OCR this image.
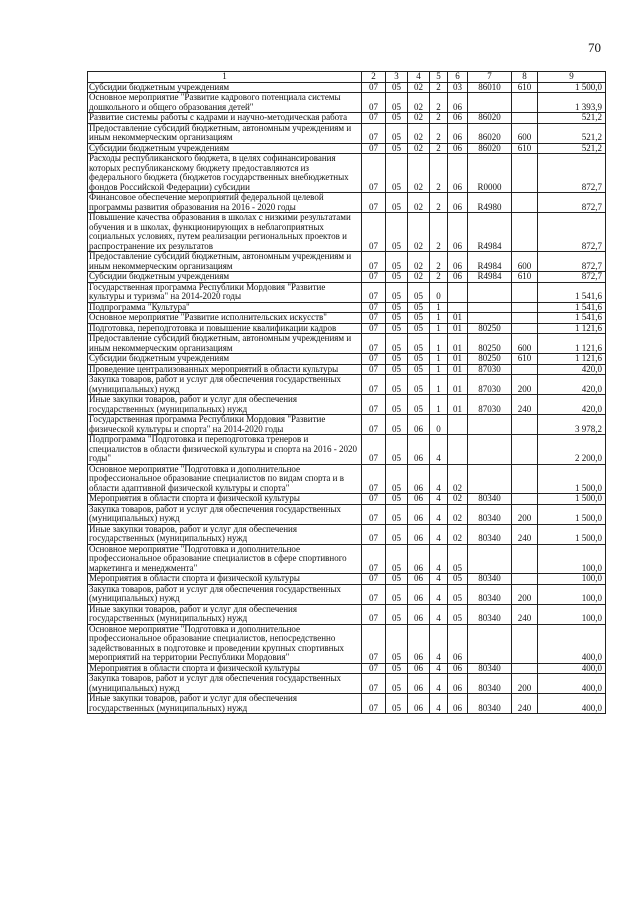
70
1	2	3	4	5	6	7	8	9
Субсидии бюджетным учреждениям	07	05	02	2	03	86010	610	1 500,0
Основное мероприятие "Развитие кадрового потенциала системы дошкольного и общего образования детей"	07	05	02	2	06			1 393,9
Развитие системы работы с кадрами и научно-методическая работа	07	05	02	2	06	86020		521,2
Предоставление субсидий бюджетным, автономным учреждениям и иным некоммерческим организациям	07	05	02	2	06	86020	600	521,2
Субсидии бюджетным учреждениям	07	05	02	2	06	86020	610	521,2
Расходы республиканского бюджета, в целях софинансирования которых республиканскому бюджету предоставляются из федерального бюджета (бюджетов государственных внебюджетных фондов Российской Федерации) субсидии	07	05	02	2	06	R0000		872,7
Финансовое обеспечение мероприятий федеральной целевой программы развития образования на 2016 - 2020 годы	07	05	02	2	06	R4980		872,7
Повышение качества образования в школах с низкими результатами обучения и в школах, функционирующих в неблагоприятных социальных условиях, путем реализации региональных проектов и распространение их результатов	07	05	02	2	06	R4984		872,7
Предоставление субсидий бюджетным, автономным учреждениям и иным некоммерческим организациям	07	05	02	2	06	R4984	600	872,7
Субсидии бюджетным учреждениям	07	05	02	2	06	R4984	610	872,7
Государственная программа Республики Мордовия "Развитие культуры и туризма" на 2014-2020 годы	07	05	05	0				1 541,6
Подпрограмма "Культура"	07	05	05	1				1 541,6
Основное мероприятие "Развитие исполнительских искусств"	07	05	05	1	01			1 541,6
Подготовка, переподготовка и повышение квалификации кадров	07	05	05	1	01	80250		1 121,6
Предоставление субсидий бюджетным, автономным учреждениям и иным некоммерческим организациям	07	05	05	1	01	80250	600	1 121,6
Субсидии бюджетным учреждениям	07	05	05	1	01	80250	610	1 121,6
Проведение централизованных мероприятий в области культуры	07	05	05	1	01	87030		420,0
Закупка товаров, работ и услуг для обеспечения государственных (муниципальных) нужд	07	05	05	1	01	87030	200	420,0
Иные закупки товаров, работ и услуг для обеспечения государственных (муниципальных) нужд	07	05	05	1	01	87030	240	420,0
Государственная программа Республики Мордовия "Развитие физической культуры и спорта" на 2014-2020 годы	07	05	06	0				3 978,2
Подпрограмма "Подготовка и переподготовка тренеров и специалистов в области физической культуры и спорта на 2016 - 2020 годы"	07	05	06	4				2 200,0
Основное мероприятие "Подготовка и дополнительное профессиональное образование специалистов по видам спорта и в области адаптивной физической культуры и спорта"	07	05	06	4	02			1 500,0
Мероприятия в области спорта и физической культуры	07	05	06	4	02	80340		1 500,0
Закупка товаров, работ и услуг для обеспечения государственных (муниципальных) нужд	07	05	06	4	02	80340	200	1 500,0
Иные закупки товаров, работ и услуг для обеспечения государственных (муниципальных) нужд	07	05	06	4	02	80340	240	1 500,0
Основное мероприятие "Подготовка и дополнительное профессиональное образование специалистов в сфере спортивного маркетинга и менеджмента"	07	05	06	4	05			100,0
Мероприятия в области спорта и физической культуры	07	05	06	4	05	80340		100,0
Закупка товаров, работ и услуг для обеспечения государственных (муниципальных) нужд	07	05	06	4	05	80340	200	100,0
Иные закупки товаров, работ и услуг для обеспечения государственных (муниципальных) нужд	07	05	06	4	05	80340	240	100,0
Основное мероприятие "Подготовка и дополнительное профессиональное образование специалистов, непосредственно задействованных в подготовке и проведении крупных спортивных мероприятий на территории Республики Мордовия"	07	05	06	4	06			400,0
Мероприятия в области спорта и физической культуры	07	05	06	4	06	80340		400,0
Закупка товаров, работ и услуг для обеспечения государственных (муниципальных) нужд	07	05	06	4	06	80340	200	400,0
Иные закупки товаров, работ и услуг для обеспечения государственных (муниципальных) нужд	07	05	06	4	06	80340	240	400,0
